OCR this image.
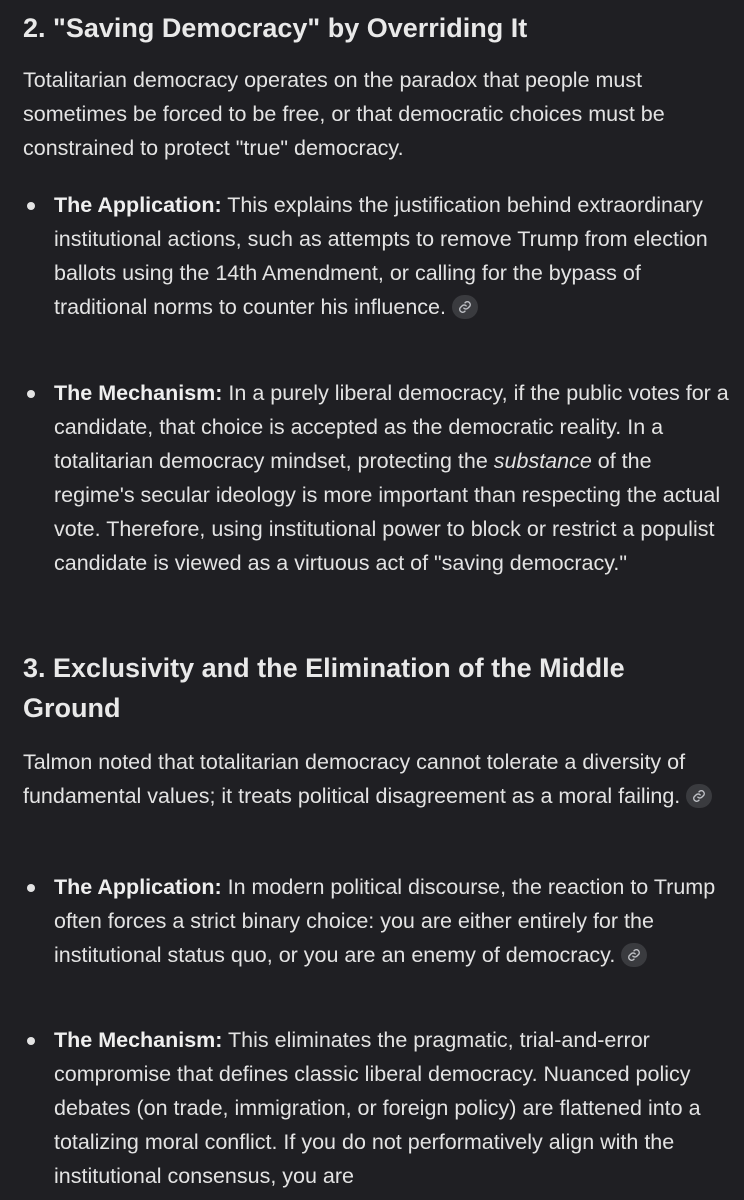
2. "Saving Democracy" by Overriding It

Totalitarian democracy operates on the paradox that people must sometimes be forced to be free, or that democratic choices must be constrained to protect "true" democracy.

The Application: This explains the justification behind extraordinary institutional actions, such as attempts to remove Trump from election ballots using the 14th Amendment, or calling for the bypass of traditional norms to counter his influence.

The Mechanism: In a purely liberal democracy, if the public votes for a candidate, that choice is accepted as the democratic reality. In a totalitarian democracy mindset, protecting the substance of the regime's secular ideology is more important than respecting the actual vote. Therefore, using institutional power to block or restrict a populist candidate is viewed as a virtuous act of "saving democracy."

3. Exclusivity and the Elimination of the Middle Ground

Talmon noted that totalitarian democracy cannot tolerate a diversity of fundamental values; it treats political disagreement as a moral failing.

The Application: In modern political discourse, the reaction to Trump often forces a strict binary choice: you are either entirely for the institutional status quo, or you are an enemy of democracy.

The Mechanism: This eliminates the pragmatic, trial-and-error compromise that defines classic liberal democracy. Nuanced policy debates (on trade, immigration, or foreign policy) are flattened into a totalizing moral conflict. If you do not performatively align with the institutional consensus, you are
